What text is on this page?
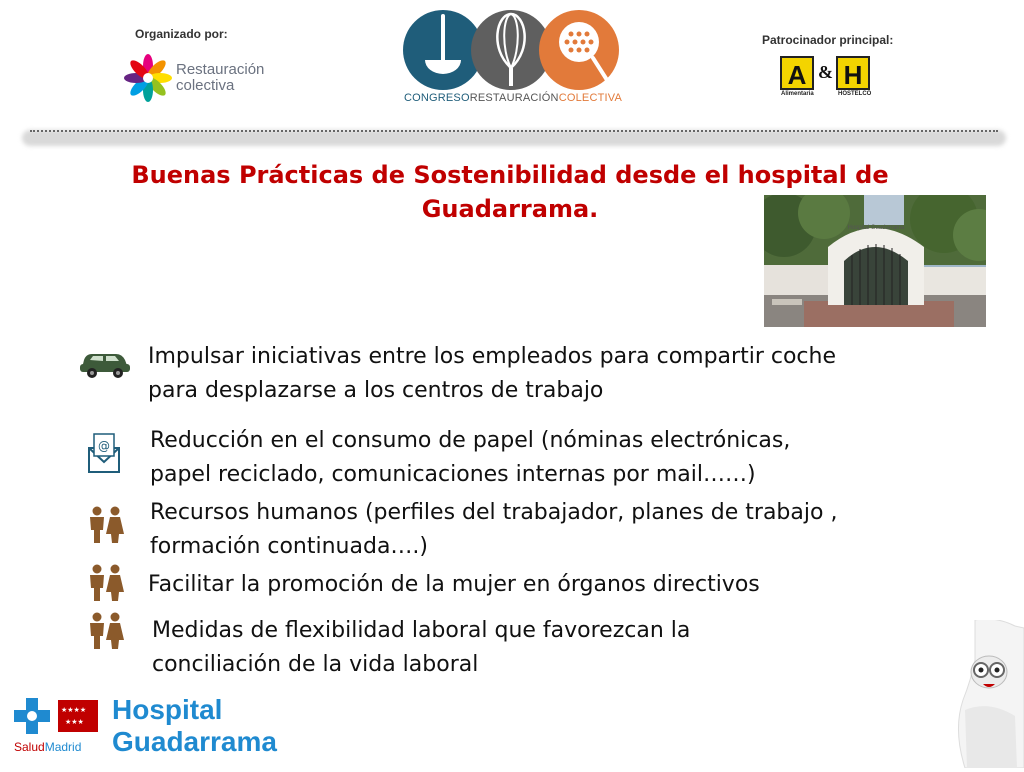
Organizado por:
Restauración
colectiva
CONGRESORESTAURACIÓNCOLECTIVA
Patrocinador principal:
A & H
Alimentaria	HOSTELCO
Buenas Prácticas de Sostenibilidad desde el hospital de
Guadarrama.
Hospital Guadarrama
Impulsar iniciativas entre los empleados para compartir coche
para desplazarse a los centros de trabajo
@ Reducción en el consumo de papel (nóminas electrónicas,
papel reciclado, comunicaciones internas por mail……)
Recursos humanos (perfiles del trabajador, planes de trabajo ,
formación continuada….)
Facilitar la promoción de la mujer en órganos directivos
Medidas de flexibilidad laboral que favorezcan la
conciliación de la vida laboral
★★★★
★★★
SaludMadrid
Hospital
Guadarrama
